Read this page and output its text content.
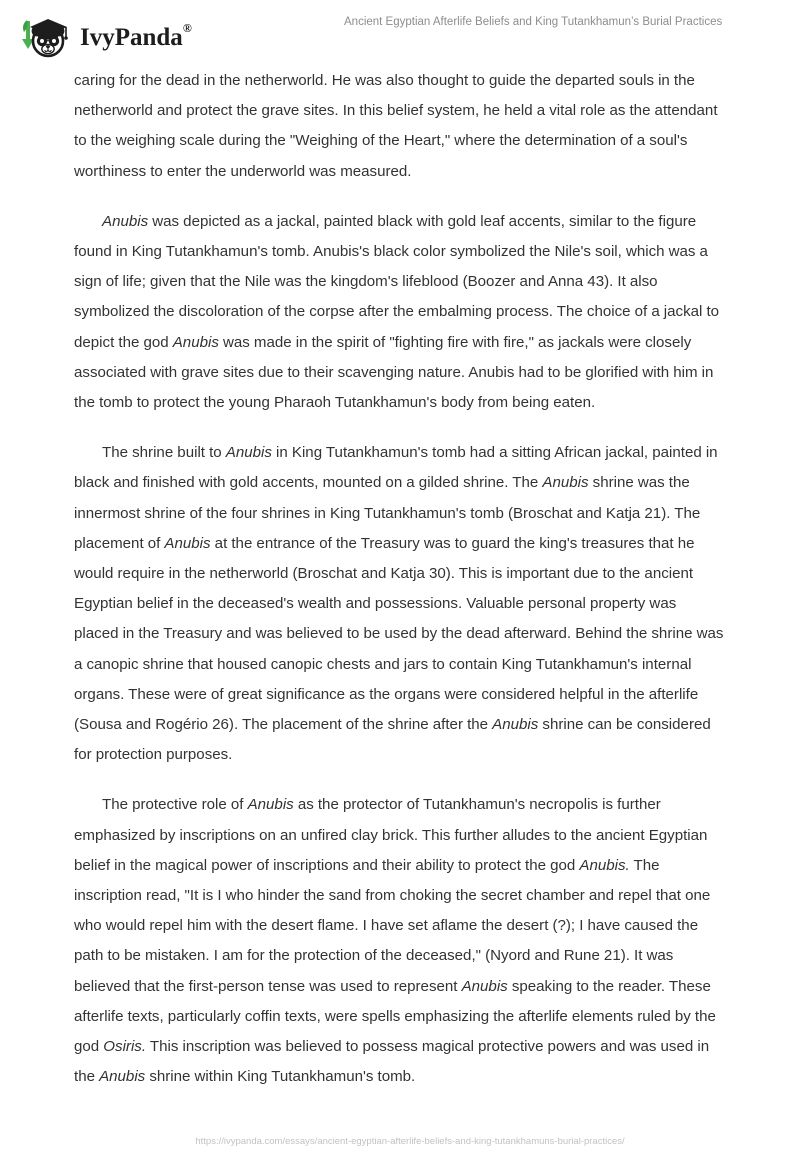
IvyPanda®	Ancient Egyptian Afterlife Beliefs and King Tutankhamun’s Burial Practices

caring for the dead in the netherworld. He was also thought to guide the departed souls in the netherworld and protect the grave sites. In this belief system, he held a vital role as the attendant to the weighing scale during the "Weighing of the Heart," where the determination of a soul's worthiness to enter the underworld was measured.

Anubis was depicted as a jackal, painted black with gold leaf accents, similar to the figure found in King Tutankhamun's tomb. Anubis's black color symbolized the Nile's soil, which was a sign of life; given that the Nile was the kingdom's lifeblood (Boozer and Anna 43). It also symbolized the discoloration of the corpse after the embalming process. The choice of a jackal to depict the god Anubis was made in the spirit of "fighting fire with fire," as jackals were closely associated with grave sites due to their scavenging nature. Anubis had to be glorified with him in the tomb to protect the young Pharaoh Tutankhamun's body from being eaten.

The shrine built to Anubis in King Tutankhamun's tomb had a sitting African jackal, painted in black and finished with gold accents, mounted on a gilded shrine. The Anubis shrine was the innermost shrine of the four shrines in King Tutankhamun's tomb (Broschat and Katja 21). The placement of Anubis at the entrance of the Treasury was to guard the king's treasures that he would require in the netherworld (Broschat and Katja 30). This is important due to the ancient Egyptian belief in the deceased's wealth and possessions. Valuable personal property was placed in the Treasury and was believed to be used by the dead afterward. Behind the shrine was a canopic shrine that housed canopic chests and jars to contain King Tutankhamun's internal organs. These were of great significance as the organs were considered helpful in the afterlife (Sousa and Rogério 26). The placement of the shrine after the Anubis shrine can be considered for protection purposes.

The protective role of Anubis as the protector of Tutankhamun's necropolis is further emphasized by inscriptions on an unfired clay brick. This further alludes to the ancient Egyptian belief in the magical power of inscriptions and their ability to protect the god Anubis. The inscription read, "It is I who hinder the sand from choking the secret chamber and repel that one who would repel him with the desert flame. I have set aflame the desert (?); I have caused the path to be mistaken. I am for the protection of the deceased," (Nyord and Rune 21). It was believed that the first-person tense was used to represent Anubis speaking to the reader. These afterlife texts, particularly coffin texts, were spells emphasizing the afterlife elements ruled by the god Osiris. This inscription was believed to possess magical protective powers and was used in the Anubis shrine within King Tutankhamun's tomb.

https://ivypanda.com/essays/ancient-egyptian-afterlife-beliefs-and-king-tutankhamuns-burial-practices/
